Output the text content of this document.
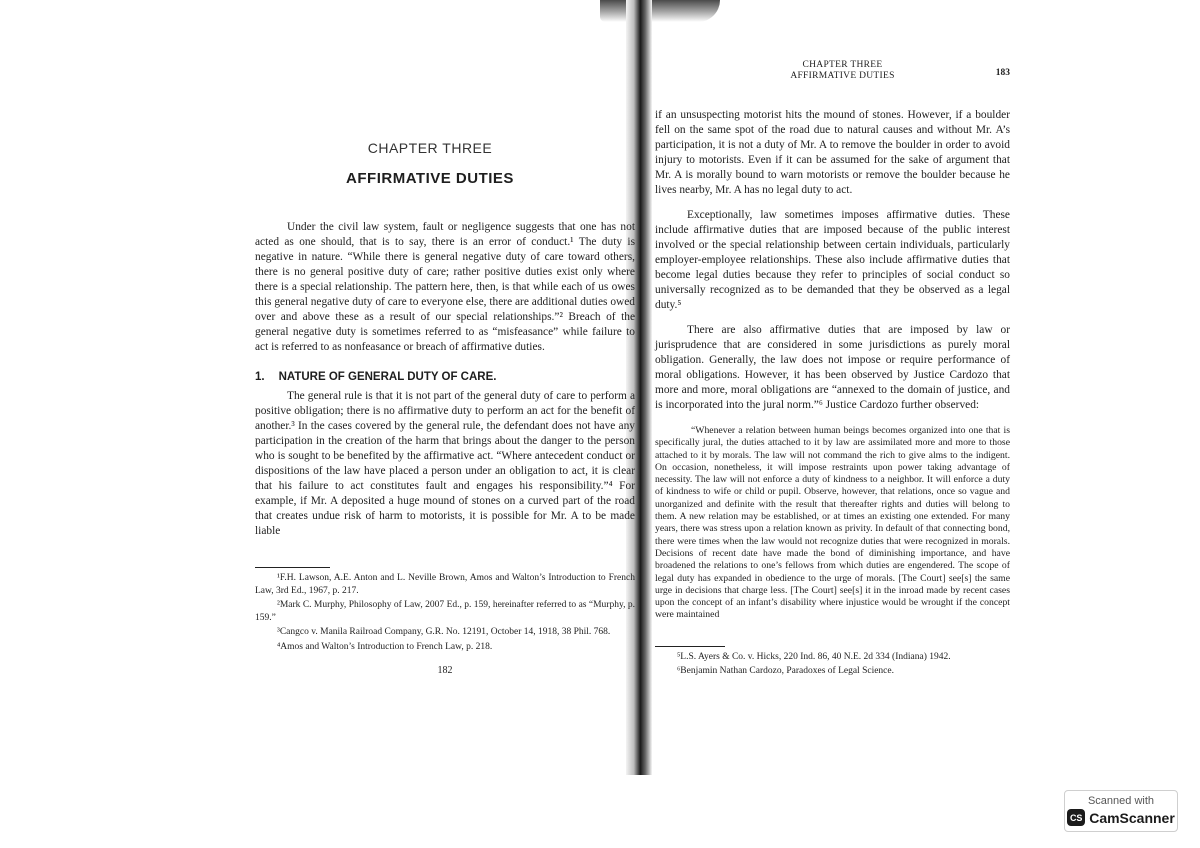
CHAPTER THREE
AFFIRMATIVE DUTIES

Under the civil law system, fault or negligence suggests that one has not acted as one should, that is to say, there is an error of conduct.¹ The duty is negative in nature. “While there is general negative duty of care toward others, there is no general positive duty of care; rather positive duties exist only where there is a special relationship. The pattern here, then, is that while each of us owes this general negative duty of care to everyone else, there are additional duties owed over and above these as a result of our special relationships.”² Breach of the general negative duty is sometimes referred to as “misfeasance” while failure to act is referred to as nonfeasance or breach of affirmative duties.

1. NATURE OF GENERAL DUTY OF CARE.

The general rule is that it is not part of the general duty of care to perform a positive obligation; there is no affirmative duty to perform an act for the benefit of another.³ In the cases covered by the general rule, the defendant does not have any participation in the creation of the harm that brings about the danger to the person who is sought to be benefited by the affirmative act. “Where antecedent conduct or dispositions of the law have placed a person under an obligation to act, it is clear that his failure to act constitutes fault and engages his responsibility.”⁴ For example, if Mr. A deposited a huge mound of stones on a curved part of the road that creates undue risk of harm to motorists, it is possible for Mr. A to be made liable

¹F.H. Lawson, A.E. Anton and L. Neville Brown, Amos and Walton’s Introduction to French Law, 3rd Ed., 1967, p. 217.
²Mark C. Murphy, Philosophy of Law, 2007 Ed., p. 159, hereinafter referred to as “Murphy, p. 159.”
³Cangco v. Manila Railroad Company, G.R. No. 12191, October 14, 1918, 38 Phil. 768.
⁴Amos and Walton’s Introduction to French Law, p. 218.
182
CHAPTER THREE
AFFIRMATIVE DUTIES	183

if an unsuspecting motorist hits the mound of stones. However, if a boulder fell on the same spot of the road due to natural causes and without Mr. A’s participation, it is not a duty of Mr. A to remove the boulder in order to avoid injury to motorists. Even if it can be assumed for the sake of argument that Mr. A is morally bound to warn motorists or remove the boulder because he lives nearby, Mr. A has no legal duty to act.

Exceptionally, law sometimes imposes affirmative duties. These include affirmative duties that are imposed because of the public interest involved or the special relationship between certain individuals, particularly employer-employee relationships. These also include affirmative duties that become legal duties because they refer to principles of social conduct so universally recognized as to be demanded that they be observed as a legal duty.⁵

There are also affirmative duties that are imposed by law or jurisprudence that are considered in some jurisdictions as purely moral obligation. Generally, the law does not impose or require performance of moral obligations. However, it has been observed by Justice Cardozo that more and more, moral obligations are “annexed to the domain of justice, and is incorporated into the jural norm.”⁶ Justice Cardozo further observed:

“Whenever a relation between human beings becomes organized into one that is specifically jural, the duties attached to it by law are assimilated more and more to those attached to it by morals. The law will not command the rich to give alms to the indigent. On occasion, nonetheless, it will impose restraints upon power taking advantage of necessity. The law will not enforce a duty of kindness to a neighbor. It will enforce a duty of kindness to wife or child or pupil. Observe, however, that relations, once so vague and unorganized and definite with the result that thereafter rights and duties will belong to them. A new relation may be established, or at times an existing one extended. For many years, there was stress upon a relation known as privity. In default of that connecting bond, there were times when the law would not recognize duties that were recognized in morals. Decisions of recent date have made the bond of diminishing importance, and have broadened the relations to one’s fellows from which duties are engendered. The scope of legal duty has expanded in obedience to the urge of morals. [The Court] see[s] the same urge in decisions that charge less. [The Court] see[s] it in the inroad made by recent cases upon the concept of an infant’s disability where injustice would be wrought if the concept were maintained
⁵L.S. Ayers & Co. v. Hicks, 220 Ind. 86, 40 N.E. 2d 334 (Indiana) 1942.
⁶Benjamin Nathan Cardozo, Paradoxes of Legal Science.
Scanned with
CS CamScanner
